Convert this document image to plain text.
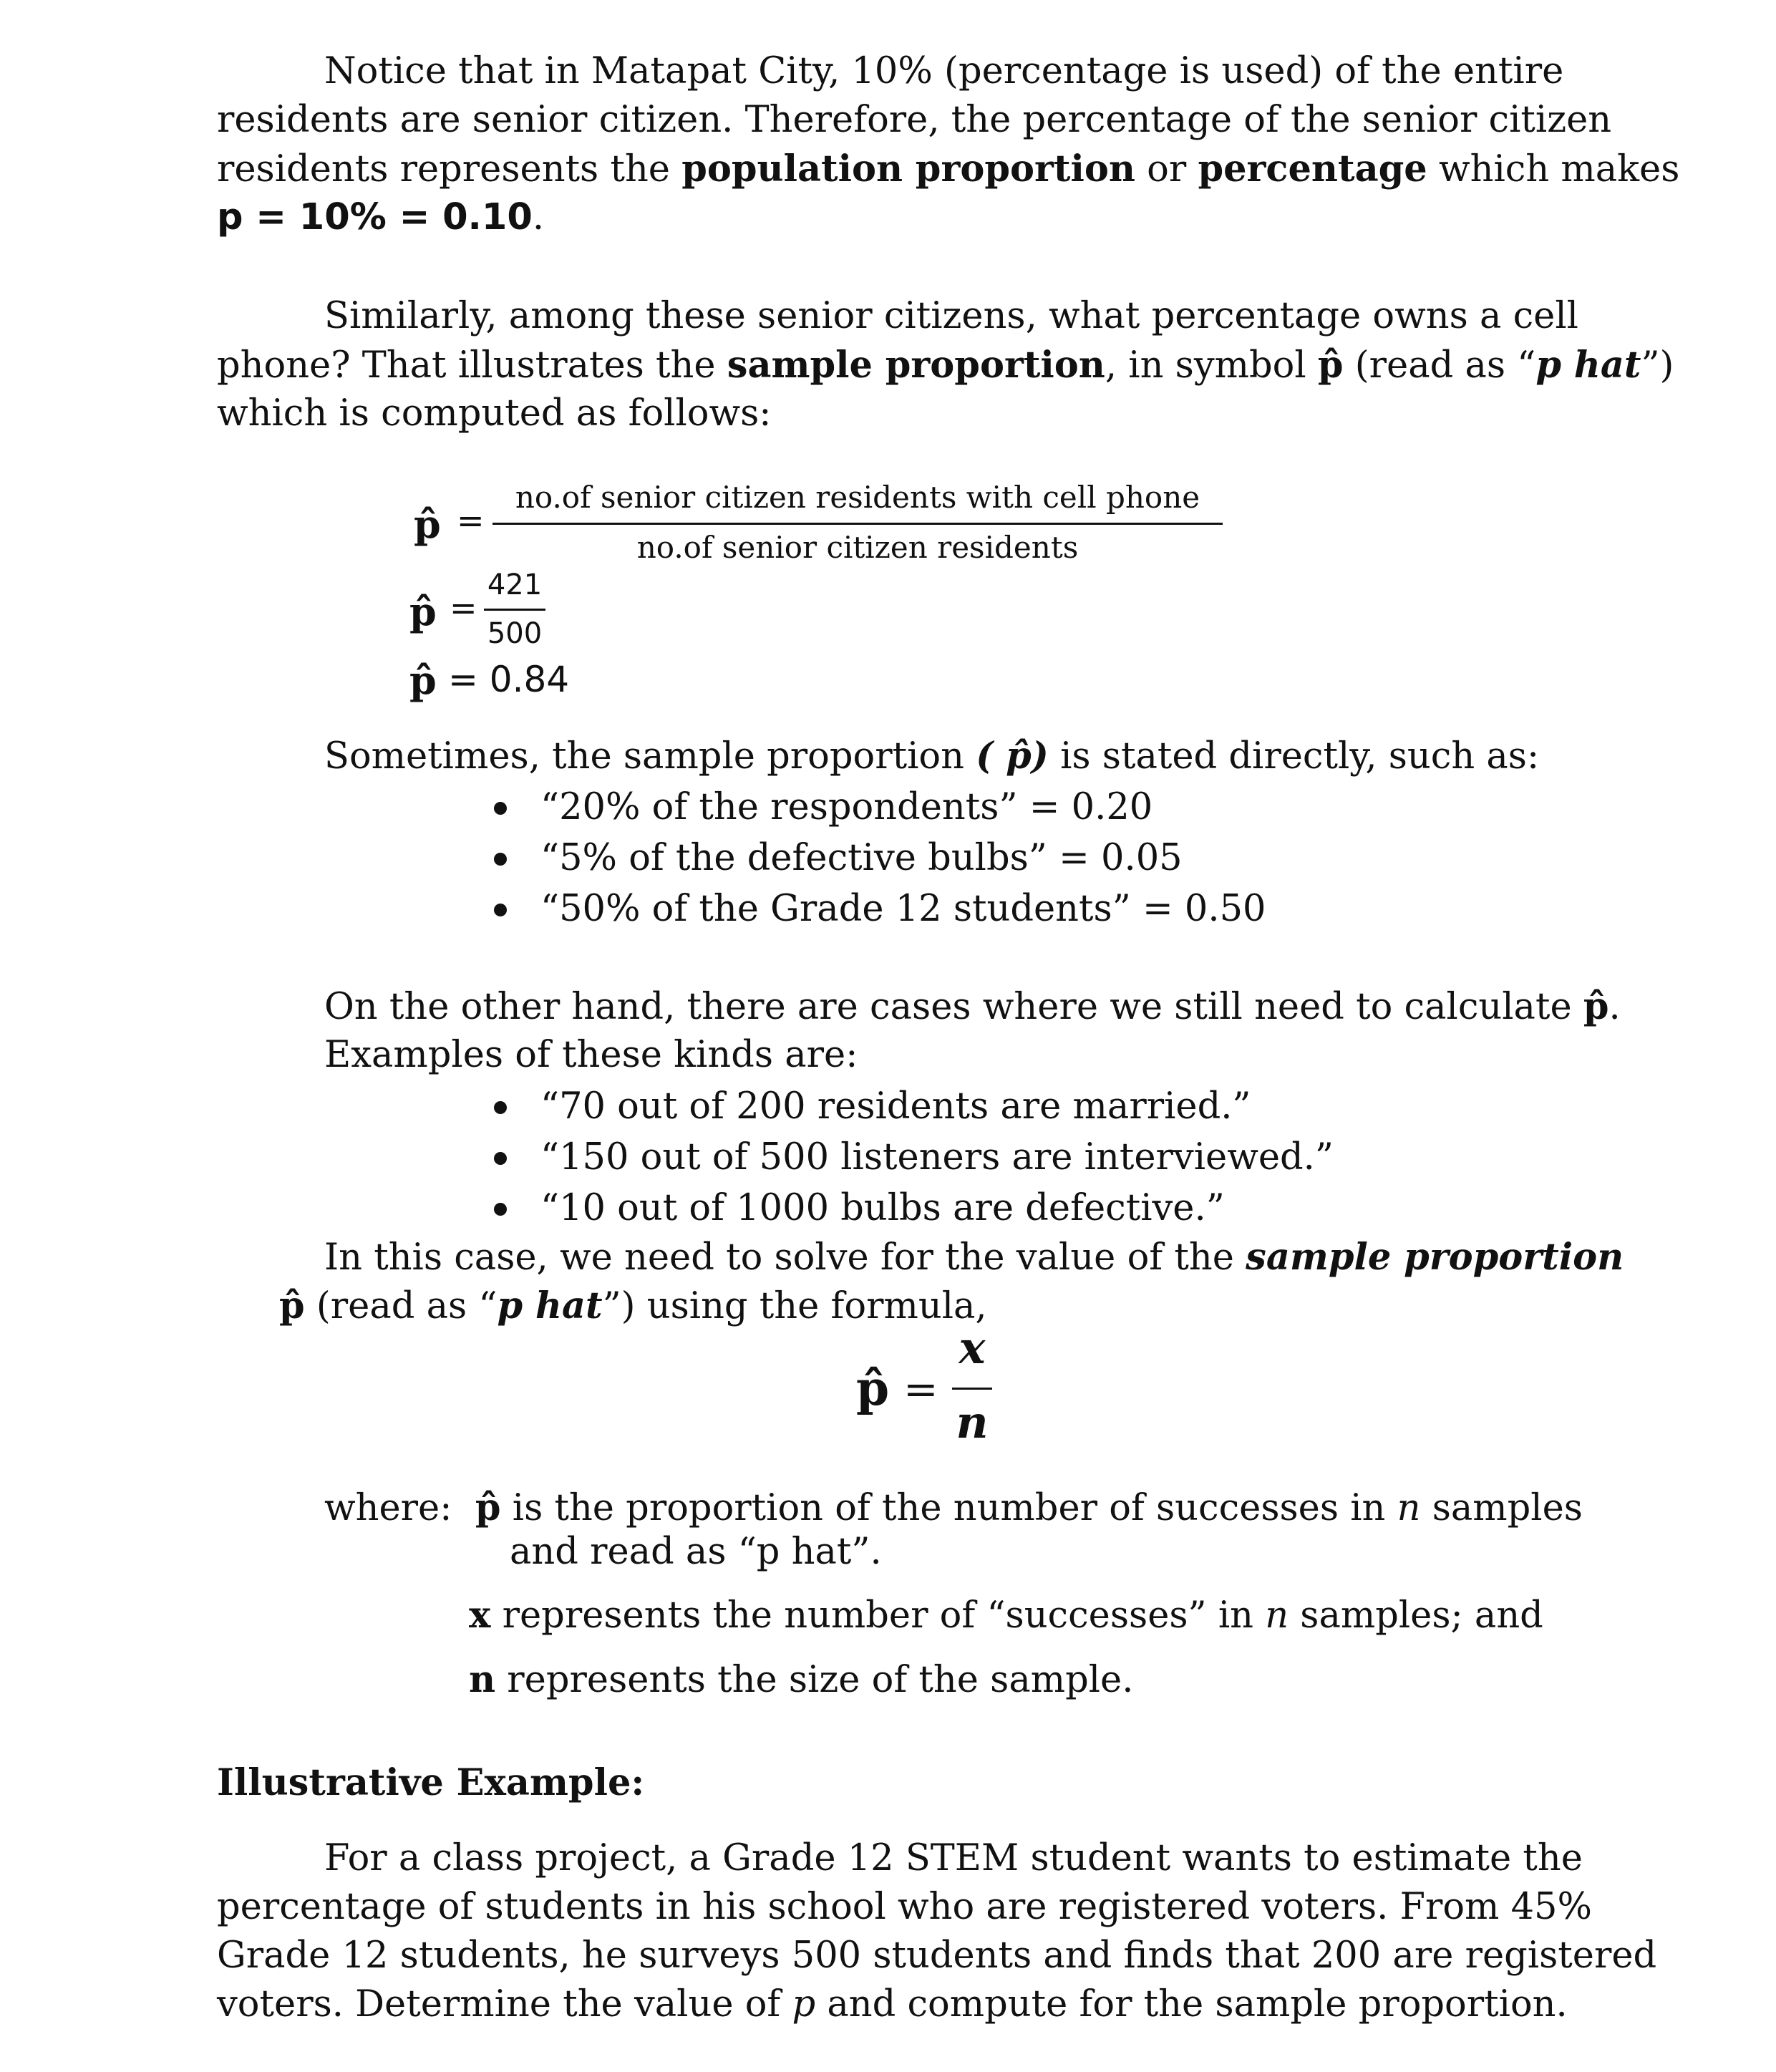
Notice that in Matapat City, 10% (percentage is used) of the entire
residents are senior citizen. Therefore, the percentage of the senior citizen
residents represents the population proportion or percentage which makes
p = 10% = 0.10.
Similarly, among these senior citizens, what percentage owns a cell
phone? That illustrates the sample proportion, in symbol p̂ (read as “p hat”)
which is computed as follows:
p̂ =
no.of senior citizen residents with cell phone
no.of senior citizen residents
p̂ =
421
500
p̂ = 0.84
Sometimes, the sample proportion ( p̂) is stated directly, such as:
“20% of the respondents” = 0.20
“5% of the defective bulbs” = 0.05
“50% of the Grade 12 students” = 0.50
On the other hand, there are cases where we still need to calculate p̂.
Examples of these kinds are:
“70 out of 200 residents are married.”
“150 out of 500 listeners are interviewed.”
“10 out of 1000 bulbs are defective.”
In this case, we need to solve for the value of the sample proportion
p̂ (read as “p hat”) using the formula,
p̂ =
x
n
where: p̂ is the proportion of the number of successes in n samples
and read as “p hat”.
x represents the number of “successes” in n samples; and
n represents the size of the sample.
Illustrative Example:
For a class project, a Grade 12 STEM student wants to estimate the
percentage of students in his school who are registered voters. From 45%
Grade 12 students, he surveys 500 students and finds that 200 are registered
voters. Determine the value of p and compute for the sample proportion.
